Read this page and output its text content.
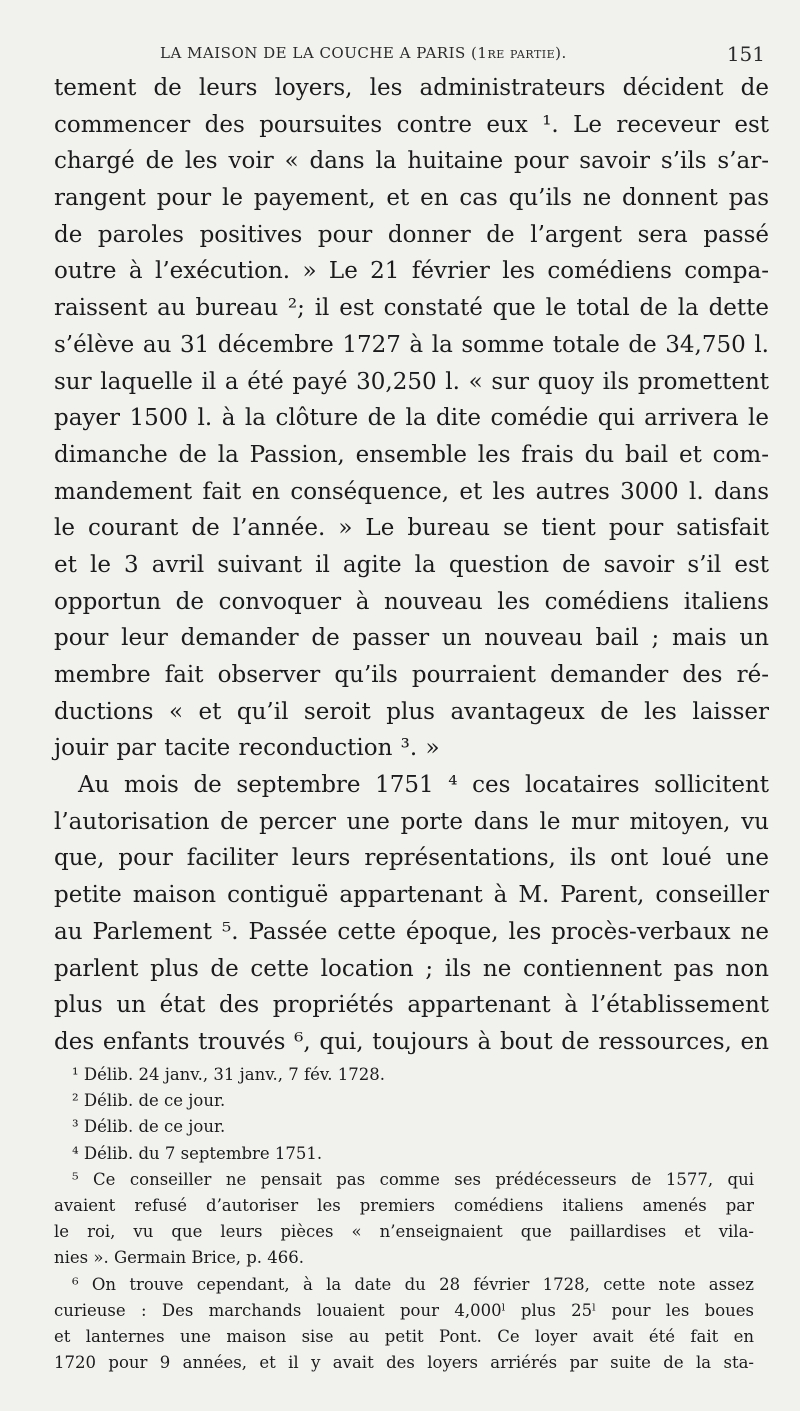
LA MAISON DE LA COUCHE A PARIS (1re partie).	151
tement de leurs loyers, les administrateurs décident de
commencer des poursuites contre eux ¹. Le receveur est
chargé de les voir « dans la huitaine pour savoir s’ils s’ar-
rangent pour le payement, et en cas qu’ils ne donnent pas
de paroles positives pour donner de l’argent sera passé
outre à l’exécution. » Le 21 février les comédiens compa-
raissent au bureau ²; il est constaté que le total de la dette
s’élève au 31 décembre 1727 à la somme totale de 34,750 l.
sur laquelle il a été payé 30,250 l. « sur quoy ils promettent
payer 1500 l. à la clôture de la dite comédie qui arrivera le
dimanche de la Passion, ensemble les frais du bail et com-
mandement fait en conséquence, et les autres 3000 l. dans
le courant de l’année. » Le bureau se tient pour satisfait
et le 3 avril suivant il agite la question de savoir s’il est
opportun de convoquer à nouveau les comédiens italiens
pour leur demander de passer un nouveau bail ; mais un
membre fait observer qu’ils pourraient demander des ré-
ductions « et qu’il seroit plus avantageux de les laisser
jouir par tacite reconduction ³. »
Au mois de septembre 1751 ⁴ ces locataires sollicitent
l’autorisation de percer une porte dans le mur mitoyen, vu
que, pour faciliter leurs représentations, ils ont loué une
petite maison contiguë appartenant à M. Parent, conseiller
au Parlement ⁵. Passée cette époque, les procès-verbaux ne
parlent plus de cette location ; ils ne contiennent pas non
plus un état des propriétés appartenant à l’établissement
des enfants trouvés ⁶, qui, toujours à bout de ressources, en
¹ Délib. 24 janv., 31 janv., 7 fév. 1728.
² Délib. de ce jour.
³ Délib. de ce jour.
⁴ Délib. du 7 septembre 1751.
⁵ Ce conseiller ne pensait pas comme ses prédécesseurs de 1577, qui
avaient refusé d’autoriser les premiers comédiens italiens amenés par
le roi, vu que leurs pièces « n’enseignaient que paillardises et vila-
nies ». Germain Brice, p. 466.
⁶ On trouve cependant, à la date du 28 février 1728, cette note assez
curieuse : Des marchands louaient pour 4,000ˡ plus 25ˡ pour les boues
et lanternes une maison sise au petit Pont. Ce loyer avait été fait en
1720 pour 9 années, et il y avait des loyers arriérés par suite de la sta-
